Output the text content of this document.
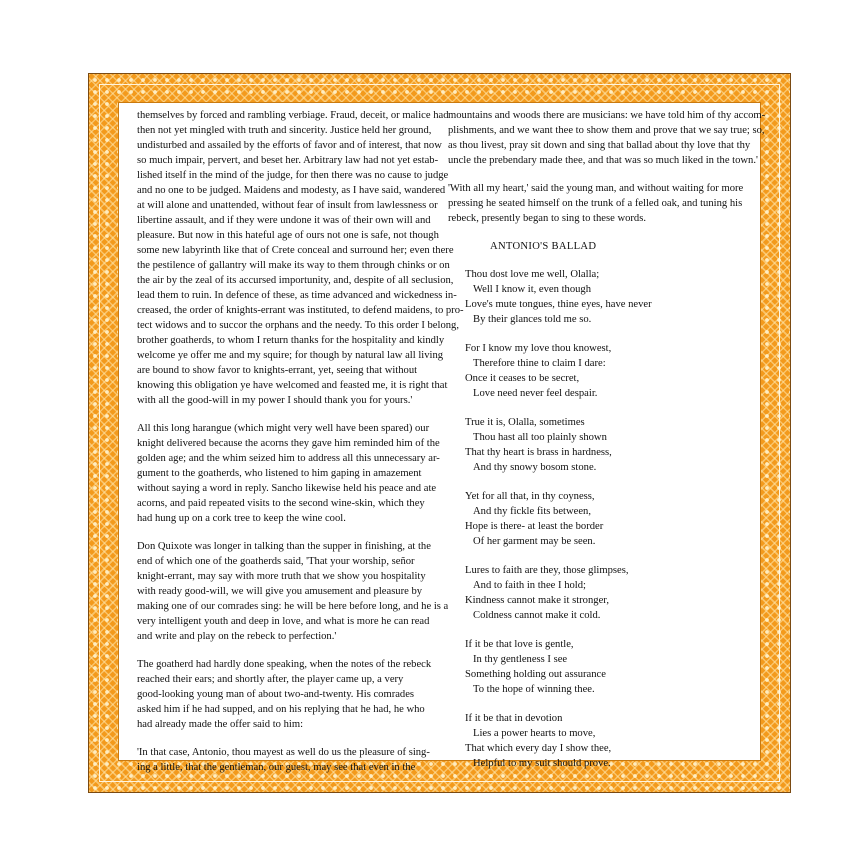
themselves by forced and rambling verbiage. Fraud, deceit, or malice had
then not yet mingled with truth and sincerity. Justice held her ground,
undisturbed and assailed by the efforts of favor and of interest, that now
so much impair, pervert, and beset her. Arbitrary law had not yet estab-
lished itself in the mind of the judge, for then there was no cause to judge
and no one to be judged. Maidens and modesty, as I have said, wandered
at will alone and unattended, without fear of insult from lawlessness or
libertine assault, and if they were undone it was of their own will and
pleasure. But now in this hateful age of ours not one is safe, not though
some new labyrinth like that of Crete conceal and surround her; even there
the pestilence of gallantry will make its way to them through chinks or on
the air by the zeal of its accursed importunity, and, despite of all seclusion,
lead them to ruin. In defence of these, as time advanced and wickedness in-
creased, the order of knights-errant was instituted, to defend maidens, to pro-
tect widows and to succor the orphans and the needy. To this order I belong,
brother goatherds, to whom I return thanks for the hospitality and kindly
welcome ye offer me and my squire; for though by natural law all living
are bound to show favor to knights-errant, yet, seeing that without
knowing this obligation ye have welcomed and feasted me, it is right that
with all the good-will in my power I should thank you for yours.'
All this long harangue (which might very well have been spared) our
knight delivered because the acorns they gave him reminded him of the
golden age; and the whim seized him to address all this unnecessary ar-
gument to the goatherds, who listened to him gaping in amazement
without saying a word in reply. Sancho likewise held his peace and ate
acorns, and paid repeated visits to the second wine-skin, which they
had hung up on a cork tree to keep the wine cool.
Don Quixote was longer in talking than the supper in finishing, at the
end of which one of the goatherds said, 'That your worship, señor
knight-errant, may say with more truth that we show you hospitality
with ready good-will, we will give you amusement and pleasure by
making one of our comrades sing: he will be here before long, and he is a
very intelligent youth and deep in love, and what is more he can read
and write and play on the rebeck to perfection.'
The goatherd had hardly done speaking, when the notes of the rebeck
reached their ears; and shortly after, the player came up, a very
good-looking young man of about two-and-twenty. His comrades
asked him if he had supped, and on his replying that he had, he who
had already made the offer said to him:
'In that case, Antonio, thou mayest as well do us the pleasure of sing-
ing a little, that the gentleman, our guest, may see that even in the
mountains and woods there are musicians: we have told him of thy accom-
plishments, and we want thee to show them and prove that we say true; so,
as thou livest, pray sit down and sing that ballad about thy love that thy
uncle the prebendary made thee, and that was so much liked in the town.'
'With all my heart,' said the young man, and without waiting for more
pressing he seated himself on the trunk of a felled oak, and tuning his
rebeck, presently began to sing to these words.
ANTONIO'S BALLAD
Thou dost love me well, Olalla;
Well I know it, even though
Love's mute tongues, thine eyes, have never
By their glances told me so.
For I know my love thou knowest,
Therefore thine to claim I dare:
Once it ceases to be secret,
Love need never feel despair.
True it is, Olalla, sometimes
Thou hast all too plainly shown
That thy heart is brass in hardness,
And thy snowy bosom stone.
Yet for all that, in thy coyness,
And thy fickle fits between,
Hope is there- at least the border
Of her garment may be seen.
Lures to faith are they, those glimpses,
And to faith in thee I hold;
Kindness cannot make it stronger,
Coldness cannot make it cold.
If it be that love is gentle,
In thy gentleness I see
Something holding out assurance
To the hope of winning thee.
If it be that in devotion
Lies a power hearts to move,
That which every day I show thee,
Helpful to my suit should prove.
